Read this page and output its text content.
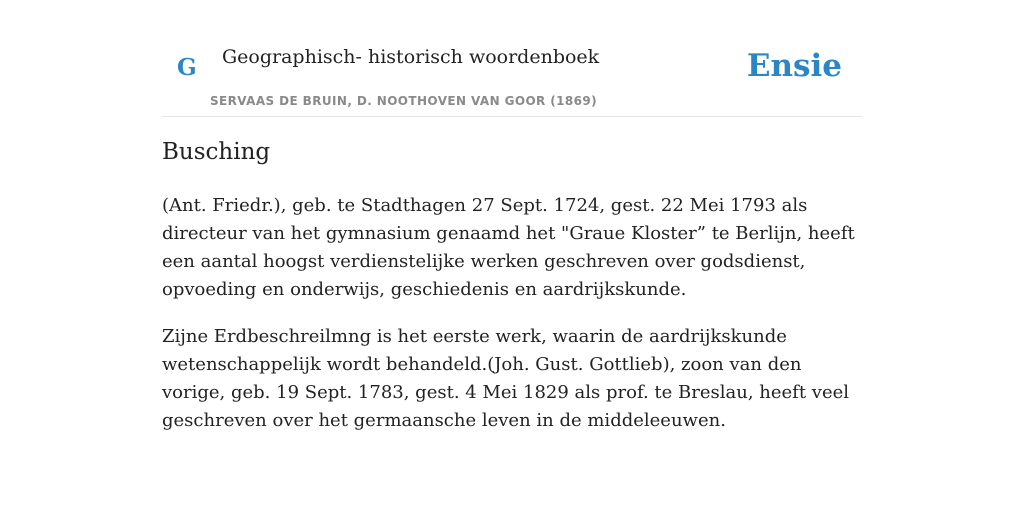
G Geographisch- historisch woordenboek
SERVAAS DE BRUIN, D. NOOTHOVEN VAN GOOR (1869)
Ensie
Busching

(Ant. Friedr.), geb. te Stadthagen 27 Sept. 1724, gest. 22 Mei 1793 als directeur van het gymnasium genaamd het "Graue Kloster” te Berlijn, heeft een aantal hoogst verdienstelijke werken geschreven over godsdienst, opvoeding en onderwijs, geschiedenis en aardrijkskunde.

Zijne Erdbeschreilmng is het eerste werk, waarin de aardrijkskunde wetenschappelijk wordt behandeld.(Joh. Gust. Gottlieb), zoon van den vorige, geb. 19 Sept. 1783, gest. 4 Mei 1829 als prof. te Breslau, heeft veel geschreven over het germaansche leven in de middeleeuwen.
